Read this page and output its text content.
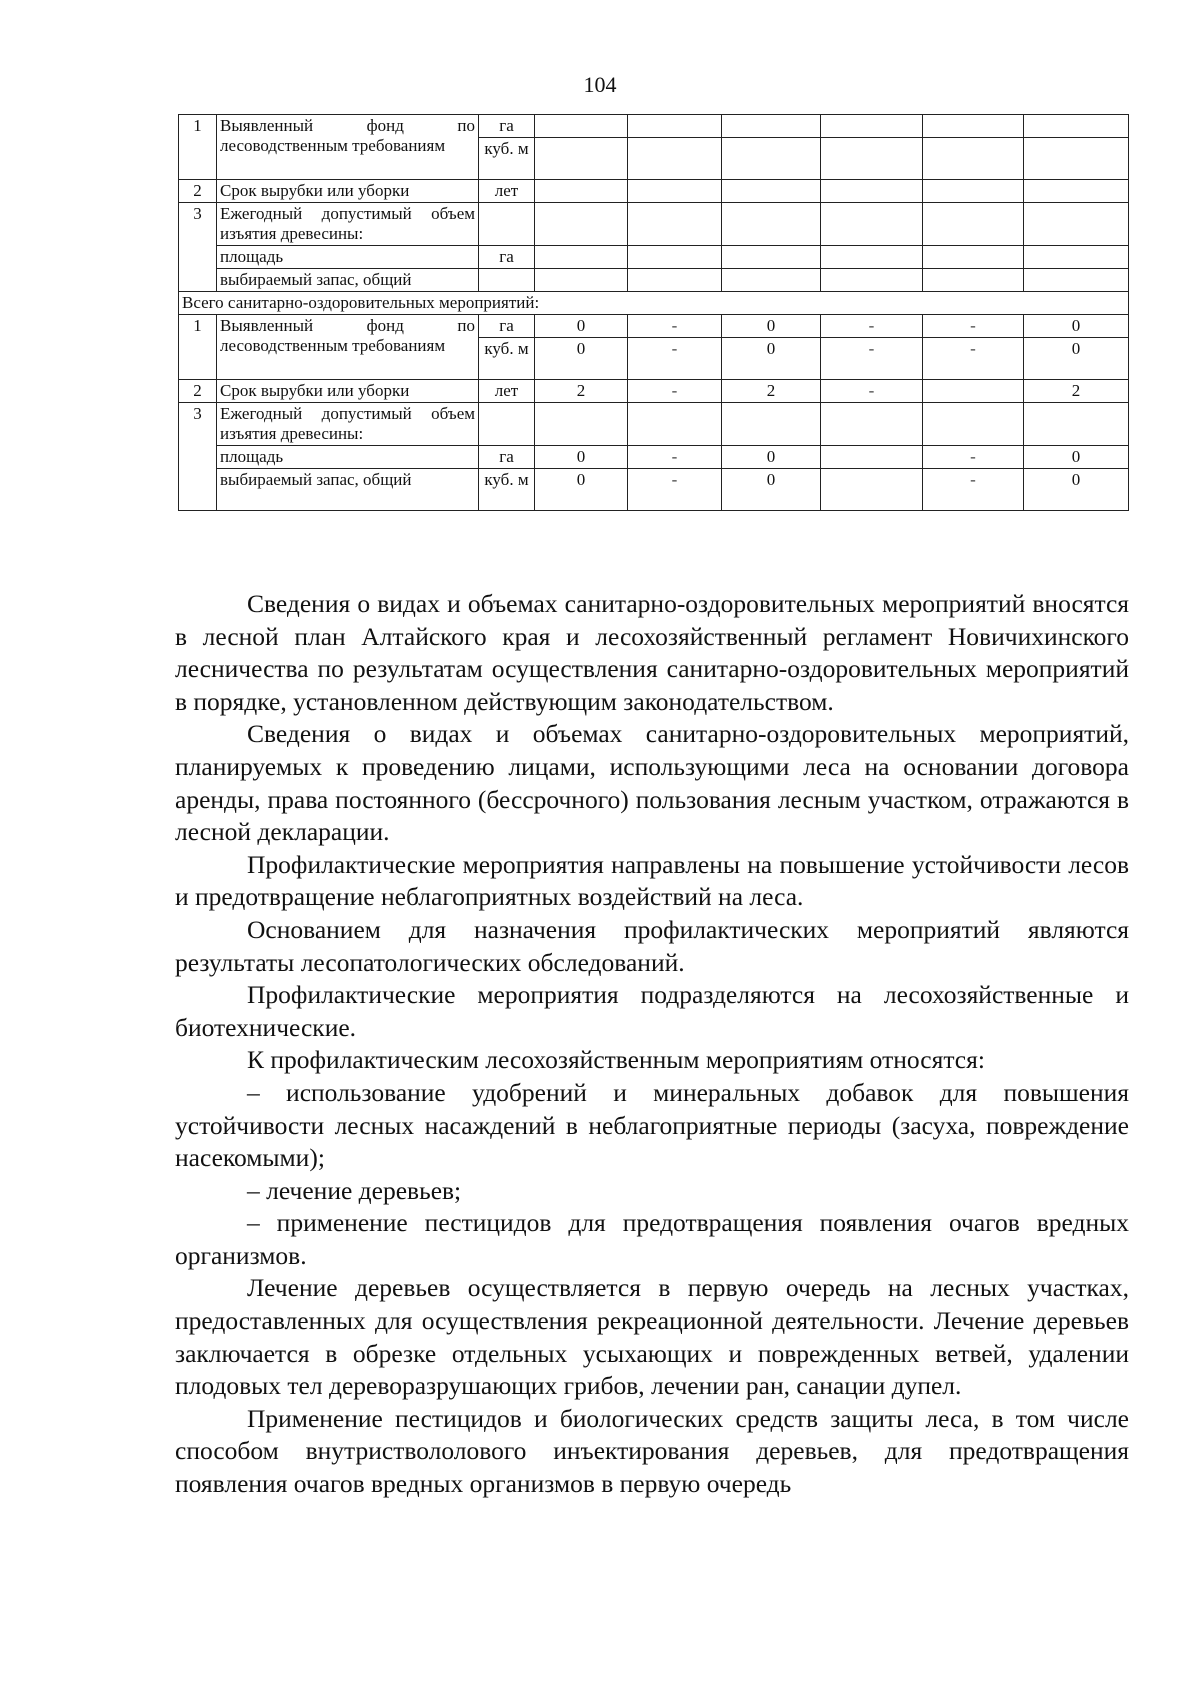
104
1	Выявленный фонд по лесоводственным требованиям	га						
		куб. м						
2	Срок вырубки или уборки	лет						
3	Ежегодный допустимый объем изъятия древесины:							
	площадь	га						
	выбираемый запас, общий							
Всего санитарно-оздоровительных мероприятий:								
1	Выявленный фонд по лесоводственным требованиям	га	0	-	0	-	-	0
		куб. м	0	-	0	-	-	0
2	Срок вырубки или уборки	лет	2	-	2	-		2
3	Ежегодный допустимый объем изъятия древесины:							
	площадь	га	0	-	0		-	0
	выбираемый запас, общий	куб. м	0	-	0		-	0

Сведения о видах и объемах санитарно-оздоровительных мероприятий вносятся в лесной план Алтайского края и лесохозяйственный регламент Новичихинского лесничества по результатам осуществления санитарно-оздоровительных мероприятий в порядке, установленном действующим законодательством.

Сведения о видах и объемах санитарно-оздоровительных мероприятий, планируемых к проведению лицами, использующими леса на основании договора аренды, права постоянного (бессрочного) пользования лесным участком, отражаются в лесной декларации.

Профилактические мероприятия направлены на повышение устойчивости лесов и предотвращение неблагоприятных воздействий на леса.

Основанием для назначения профилактических мероприятий являются результаты лесопатологических обследований.

Профилактические мероприятия подразделяются на лесохозяйственные и биотехнические.

К профилактическим лесохозяйственным мероприятиям относятся:

– использование удобрений и минеральных добавок для повышения устойчивости лесных насаждений в неблагоприятные периоды (засуха, повреждение насекомыми);

– лечение деревьев;

– применение пестицидов для предотвращения появления очагов вредных организмов.

Лечение деревьев осуществляется в первую очередь на лесных участках, предоставленных для осуществления рекреационной деятельности. Лечение деревьев заключается в обрезке отдельных усыхающих и поврежденных ветвей, удалении плодовых тел дереворазрушающих грибов, лечении ран, санации дупел.

Применение пестицидов и биологических средств защиты леса, в том числе способом внутриствололового инъектирования деревьев, для предотвращения появления очагов вредных организмов в первую очередь
